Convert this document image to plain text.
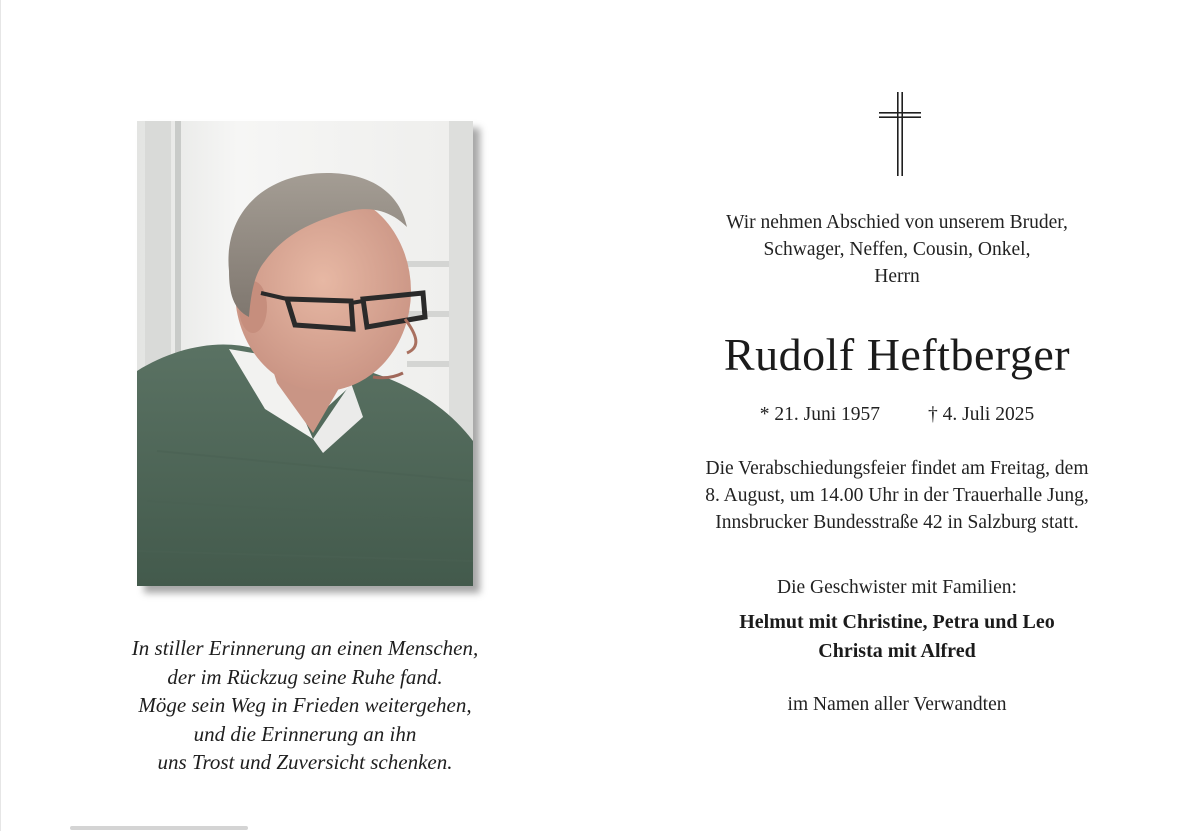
In stiller Erinnerung an einen Menschen,
der im Rückzug seine Ruhe fand.
Möge sein Weg in Frieden weitergehen,
und die Erinnerung an ihn
uns Trost und Zuversicht schenken.
Wir nehmen Abschied von unserem Bruder,
Schwager, Neffen, Cousin, Onkel,
Herrn
Rudolf Heftberger
* 21. Juni 1957 † 4. Juli 2025
Die Verabschiedungsfeier findet am Freitag, dem
8. August, um 14.00 Uhr in der Trauerhalle Jung,
Innsbrucker Bundesstraße 42 in Salzburg statt.
Die Geschwister mit Familien:
Helmut mit Christine, Petra und Leo
Christa mit Alfred
im Namen aller Verwandten
